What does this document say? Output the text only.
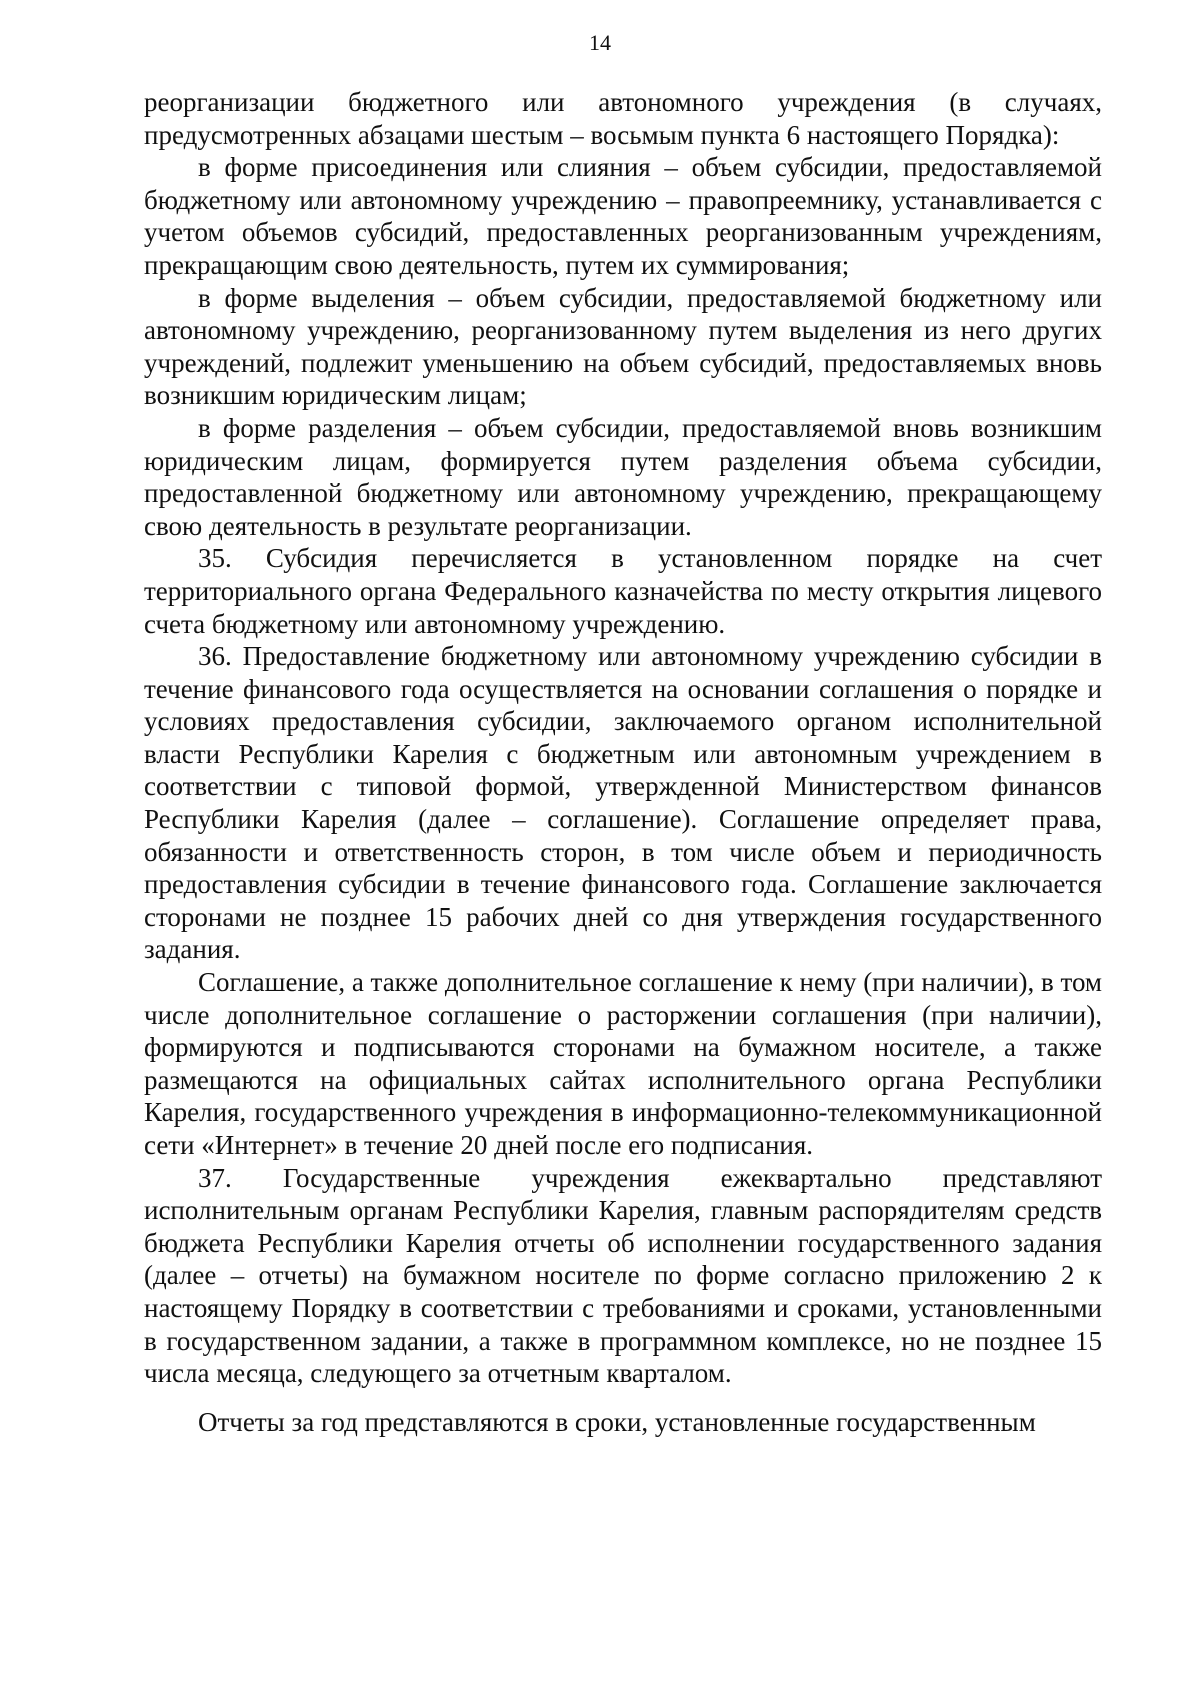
14

реорганизации бюджетного или автономного учреждения (в случаях, предусмотренных абзацами шестым – восьмым пункта 6 настоящего Порядка):

в форме присоединения или слияния – объем субсидии, предоставляемой бюджетному или автономному учреждению – правопреемнику, устанавливается с учетом объемов субсидий, предоставленных реорганизованным учреждениям, прекращающим свою деятельность, путем их суммирования;

в форме выделения – объем субсидии, предоставляемой бюджетному или автономному учреждению, реорганизованному путем выделения из него других учреждений, подлежит уменьшению на объем субсидий, предоставляемых вновь возникшим юридическим лицам;

в форме разделения – объем субсидии, предоставляемой вновь возникшим юридическим лицам, формируется путем разделения объема субсидии, предоставленной бюджетному или автономному учреждению, прекращающему свою деятельность в результате реорганизации.

35. Субсидия перечисляется в установленном порядке на счет территориального органа Федерального казначейства по месту открытия лицевого счета бюджетному или автономному учреждению.

36. Предоставление бюджетному или автономному учреждению субсидии в течение финансового года осуществляется на основании соглашения о порядке и условиях предоставления субсидии, заключаемого органом исполнительной власти Республики Карелия с бюджетным или автономным учреждением в соответствии с типовой формой, утвержденной Министерством финансов Республики Карелия (далее – соглашение). Соглашение определяет права, обязанности и ответственность сторон, в том числе объем и периодичность предоставления субсидии в течение финансового года. Соглашение заключается сторонами не позднее 15 рабочих дней со дня утверждения государственного задания.

Соглашение, а также дополнительное соглашение к нему (при наличии), в том числе дополнительное соглашение о расторжении соглашения (при наличии), формируются и подписываются сторонами на бумажном носителе, а также размещаются на официальных сайтах исполнительного органа Республики Карелия, государственного учреждения в информационно-телекоммуникационной сети «Интернет» в течение 20 дней после его подписания.

37. Государственные учреждения ежеквартально представляют исполнительным органам Республики Карелия, главным распорядителям средств бюджета Республики Карелия отчеты об исполнении государственного задания (далее – отчеты) на бумажном носителе по форме согласно приложению 2 к настоящему Порядку в соответствии с требованиями и сроками, установленными в государственном задании, а также в программном комплексе, но не позднее 15 числа месяца, следующего за отчетным кварталом.

Отчеты за год представляются в сроки, установленные государственным
